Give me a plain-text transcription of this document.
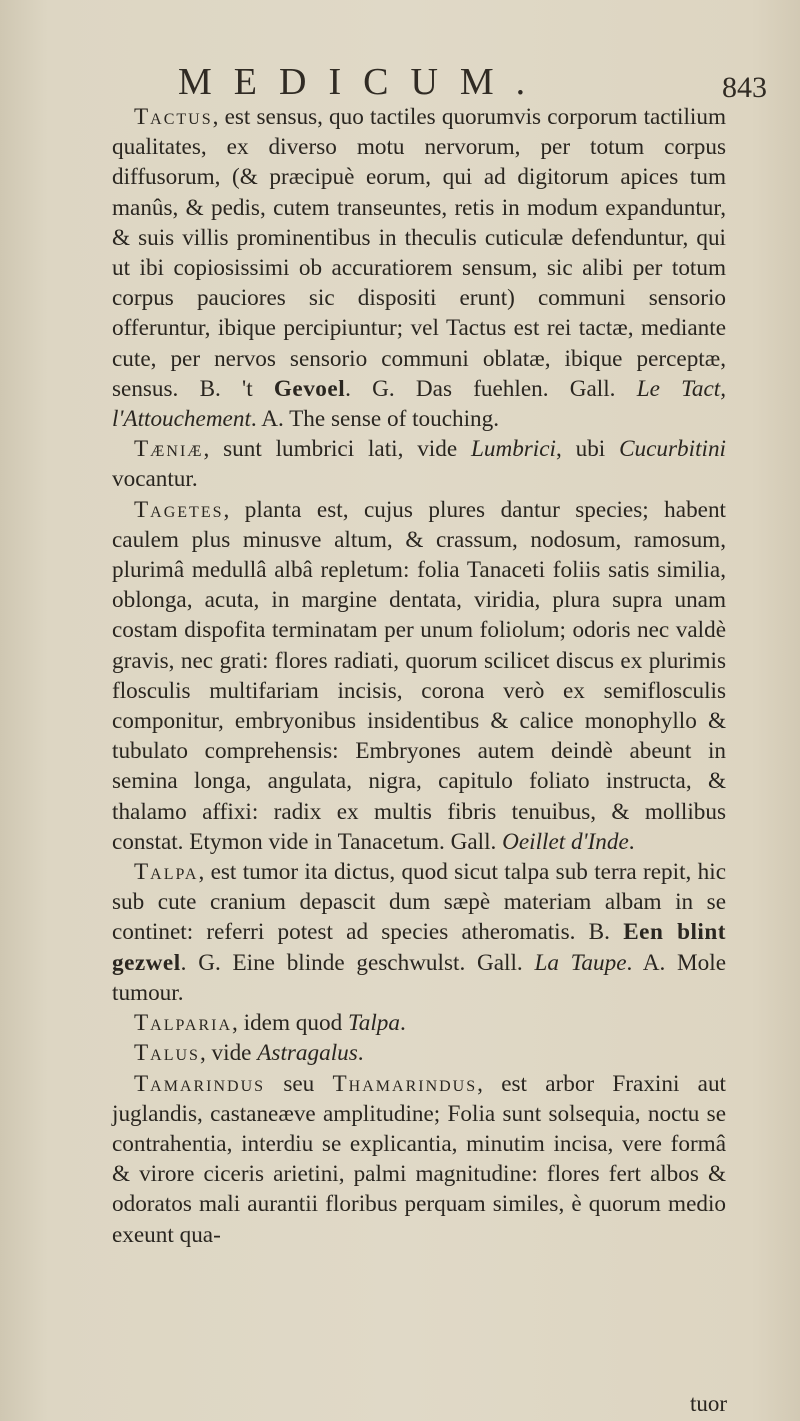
MEDICUM.	843

Tactus, est sensus, quo tactiles quorumvis corporum tactilium qualitates, ex diverso motu nervorum, per totum corpus diffusorum, (& præcipuè eorum, qui ad digitorum apices tum manûs, & pedis, cutem transeuntes, retis in modum expanduntur, & suis villis prominentibus in theculis cuticulæ defenduntur, qui ut ibi copiosissimi ob accuratiorem sensum, sic alibi per totum corpus pauciores sic dispositi erunt) communi sensorio offeruntur, ibique percipiuntur; vel Tactus est rei tactæ, mediante cute, per nervos sensorio communi oblatæ, ibique perceptæ, sensus. B. 't Gevoel. G. Das fuehlen. Gall. Le Tact, l'Attouchement. A. The sense of touching.

Tæniæ, sunt lumbrici lati, vide Lumbrici, ubi Cucurbitini vocantur.

Tagetes, planta est, cujus plures dantur species; habent caulem plus minusve altum, & crassum, nodosum, ramosum, plurimâ medullâ albâ repletum: folia Tanaceti foliis satis similia, oblonga, acuta, in margine dentata, viridia, plura supra unam costam dispofita terminatam per unum foliolum; odoris nec valdè gravis, nec grati: flores radiati, quorum scilicet discus ex plurimis flosculis multifariam incisis, corona verò ex semiflosculis componitur, embryonibus insidentibus & calice monophyllo & tubulato comprehensis: Embryones autem deindè abeunt in semina longa, angulata, nigra, capitulo foliato instructa, & thalamo affixi: radix ex multis fibris tenuibus, & mollibus constat. Etymon vide in Tanacetum. Gall. Oeillet d'Inde.

Talpa, est tumor ita dictus, quod sicut talpa sub terra repit, hic sub cute cranium depascit dum sæpè materiam albam in se continet: referri potest ad species atheromatis. B. Een blint gezwel. G. Eine blinde geschwulst. Gall. La Taupe. A. Mole tumour.

Talparia, idem quod Talpa.

Talus, vide Astragalus.

Tamarindus seu Thamarindus, est arbor Fraxini aut juglandis, castaneæve amplitudine; Folia sunt solsequia, noctu se contrahentia, interdiu se explicantia, minutim incisa, vere formâ & virore ciceris arietini, palmi magnitudine: flores fert albos & odoratos mali aurantii floribus perquam similes, è quorum medio exeunt qua-

tuor
